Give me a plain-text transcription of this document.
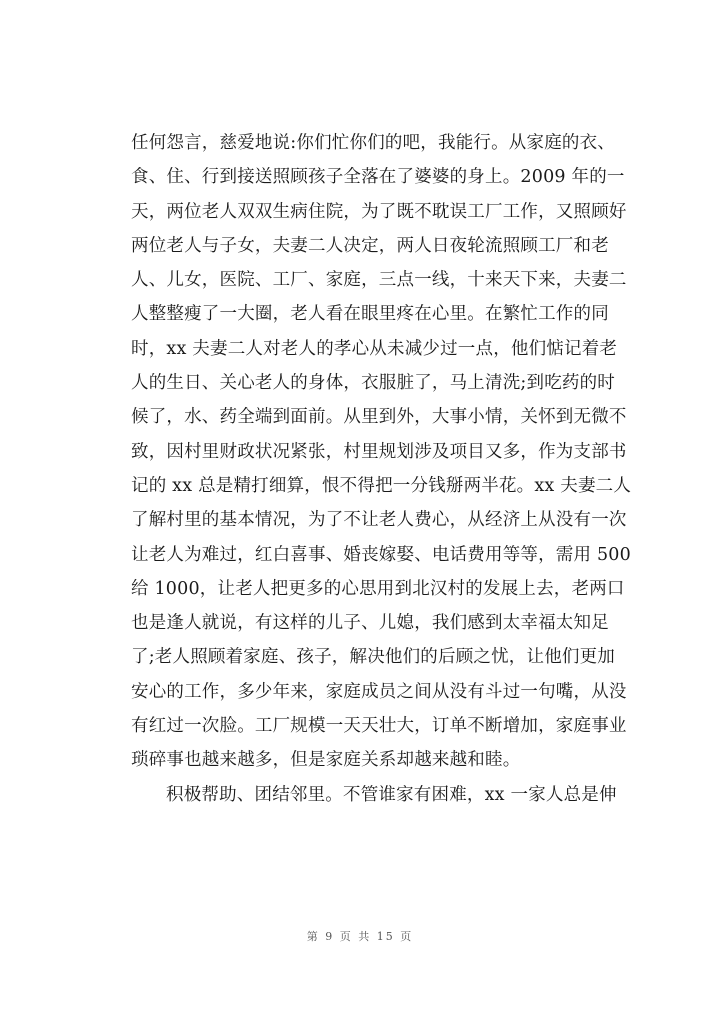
任何怨言，慈爱地说:你们忙你们的吧，我能行。从家庭的衣、
食、住、行到接送照顾孩子全落在了婆婆的身上。2009 年的一
天，两位老人双双生病住院，为了既不耽误工厂工作，又照顾好
两位老人与子女，夫妻二人决定，两人日夜轮流照顾工厂和老
人、儿女，医院、工厂、家庭，三点一线，十来天下来，夫妻二
人整整瘦了一大圈，老人看在眼里疼在心里。在繁忙工作的同
时，xx 夫妻二人对老人的孝心从未减少过一点，他们惦记着老
人的生日、关心老人的身体，衣服脏了，马上清洗;到吃药的时
候了，水、药全端到面前。从里到外，大事小情，关怀到无微不
致，因村里财政状况紧张，村里规划涉及项目又多，作为支部书
记的 xx 总是精打细算，恨不得把一分钱掰两半花。xx 夫妻二人
了解村里的基本情况，为了不让老人费心，从经济上从没有一次
让老人为难过，红白喜事、婚丧嫁娶、电话费用等等，需用 500
给 1000，让老人把更多的心思用到北汉村的发展上去，老两口
也是逢人就说，有这样的儿子、儿媳，我们感到太幸福太知足
了;老人照顾着家庭、孩子，解决他们的后顾之忧，让他们更加
安心的工作，多少年来，家庭成员之间从没有斗过一句嘴，从没
有红过一次脸。工厂规模一天天壮大，订单不断增加，家庭事业
琐碎事也越来越多，但是家庭关系却越来越和睦。
积极帮助、团结邻里。不管谁家有困难，xx 一家人总是伸
第 9 页 共 15 页
